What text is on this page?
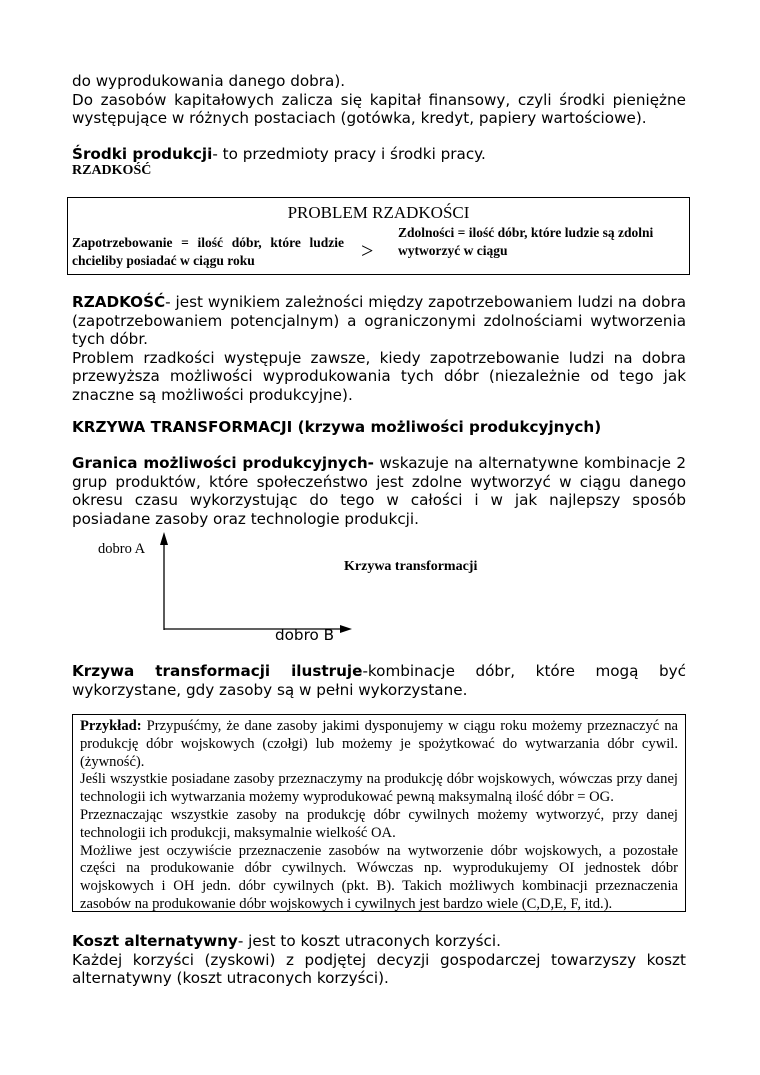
do wyprodukowania danego dobra).
Do zasobów kapitałowych zalicza się kapitał finansowy, czyli środki pieniężne występujące w różnych postaciach (gotówka, kredyt, papiery wartościowe).
Środki produkcji- to przedmioty pracy i środki pracy.
RZADKOŚĆ
PROBLEM RZADKOŚCI
Zapotrzebowanie = ilość dóbr, które ludzie chcieliby posiadać w ciągu roku	>
Zdolności = ilość dóbr, które ludzie są zdolni wytworzyć w ciągu
RZADKOŚĆ- jest wynikiem zależności między zapotrzebowaniem ludzi na dobra (zapotrzebowaniem potencjalnym) a ograniczonymi zdolnościami wytworzenia tych dóbr.
Problem rzadkości występuje zawsze, kiedy zapotrzebowanie ludzi na dobra przewyższa możliwości wyprodukowania tych dóbr (niezależnie od tego jak znaczne są możliwości produkcyjne).
KRZYWA TRANSFORMACJI (krzywa możliwości produkcyjnych)
Granica możliwości produkcyjnych- wskazuje na alternatywne kombinacje 2 grup produktów, które społeczeństwo jest zdolne wytworzyć w ciągu danego okresu czasu wykorzystując do tego w całości i w jak najlepszy sposób posiadane zasoby oraz technologie produkcji.
dobro A
dobro B
Krzywa transformacji
Krzywa transformacji ilustruje-kombinacje dóbr, które mogą być wykorzystane, gdy zasoby są w pełni wykorzystane.

Przykład: Przypuśćmy, że dane zasoby jakimi dysponujemy w ciągu roku możemy przeznaczyć na produkcję dóbr wojskowych (czołgi) lub możemy je spożytkować do wytwarzania dóbr cywil. (żywność).

Jeśli wszystkie posiadane zasoby przeznaczymy na produkcję dóbr wojskowych, wówczas przy danej technologii ich wytwarzania możemy wyprodukować pewną maksymalną ilość dóbr = OG.

Przeznaczając wszystkie zasoby na produkcję dóbr cywilnych możemy wytworzyć, przy danej technologii ich produkcji, maksymalnie wielkość OA.

Możliwe jest oczywiście przeznaczenie zasobów na wytworzenie dóbr wojskowych, a pozostałe części na produkowanie dóbr cywilnych. Wówczas np. wyprodukujemy OI jednostek dóbr wojskowych i OH jedn. dóbr cywilnych (pkt. B). Takich możliwych kombinacji przeznaczenia zasobów na produkowanie dóbr wojskowych i cywilnych jest bardzo wiele (C,D,E, F, itd.).

Koszt alternatywny- jest to koszt utraconych korzyści.
Każdej korzyści (zyskowi) z podjętej decyzji gospodarczej towarzyszy koszt alternatywny (koszt utraconych korzyści).
